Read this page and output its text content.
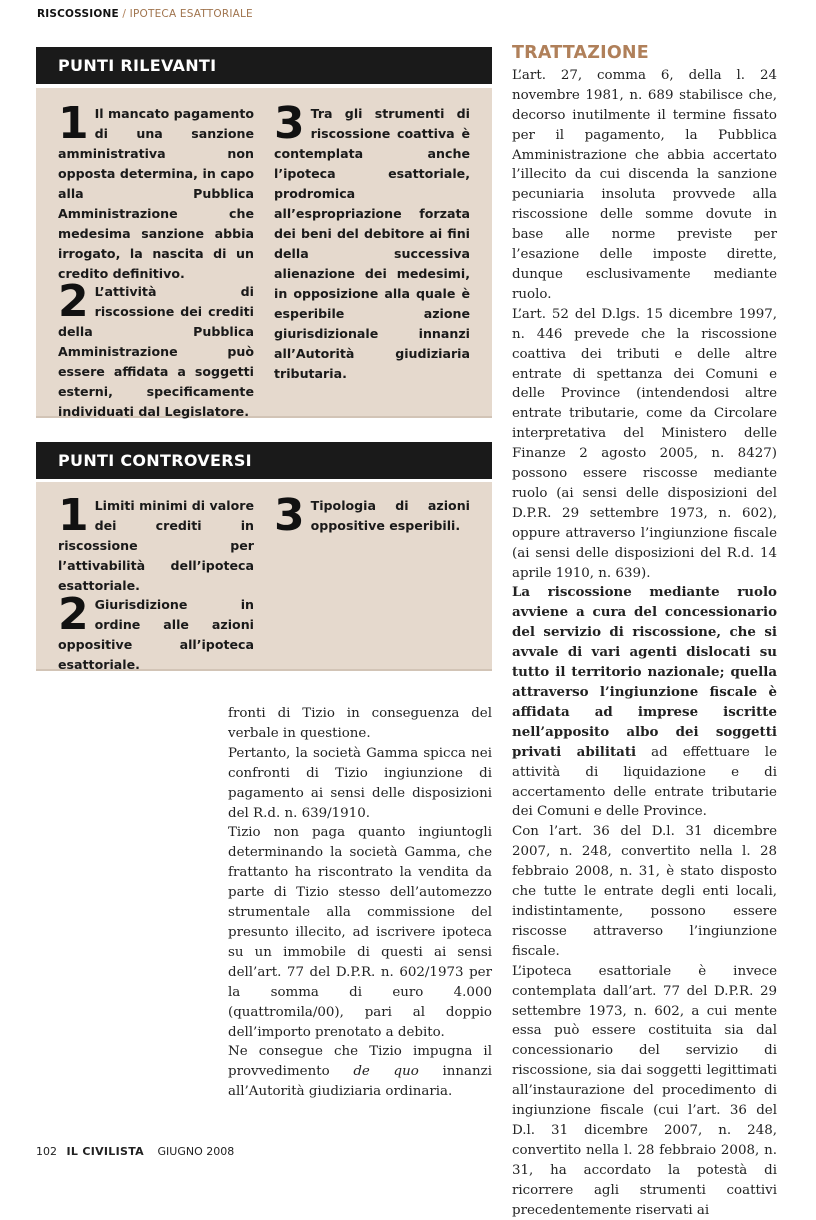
RISCOSSIONE / IPOTECA ESATTORIALE
PUNTI RILEVANTI
1 Il mancato pagamento di una sanzione amministrativa non opposta determina, in capo alla Pubblica Amministrazione che medesima sanzione abbia irrogato, la nascita di un credito definitivo.
2 L’attività di riscossione dei crediti della Pubblica Amministrazione può essere affidata a soggetti esterni, specificamente individuati dal Legislatore.
3 Tra gli strumenti di riscossione coattiva è contemplata anche l’ipoteca esattoriale, prodromica all’espropriazione forzata dei beni del debitore ai fini della successiva alienazione dei medesimi, in opposizione alla quale è esperibile azione giurisdizionale innanzi all’Autorità giudiziaria tributaria.
PUNTI CONTROVERSI
1 Limiti minimi di valore dei crediti in riscossione per l’attivabilità dell’ipoteca esattoriale.
2 Giurisdizione in ordine alle azioni oppositive all’ipoteca esattoriale.
3 Tipologia di azioni oppositive esperibili.

fronti di Tizio in conseguenza del verbale in questione.

Pertanto, la società Gamma spicca nei confronti di Tizio ingiunzione di pagamento ai sensi delle disposizioni del R.d. n. 639/1910.

Tizio non paga quanto ingiuntogli determinando la società Gamma, che frattanto ha riscontrato la vendita da parte di Tizio stesso dell’automezzo strumentale alla commissione del presunto illecito, ad iscrivere ipoteca su un immobile di questi ai sensi dell’art. 77 del D.P.R. n. 602/1973 per la somma di euro 4.000 (quattromila/00), pari al doppio dell’importo prenotato a debito.

Ne consegue che Tizio impugna il provvedimento de quo innanzi all’Autorità giudiziaria ordinaria.

TRATTAZIONE

L’art. 27, comma 6, della l. 24 novembre 1981, n. 689 stabilisce che, decorso inutilmente il termine fissato per il pagamento, la Pubblica Amministrazione che abbia accertato l’illecito da cui discenda la sanzione pecuniaria insoluta provvede alla riscossione delle somme dovute in base alle norme previste per l’esazione delle imposte dirette, dunque esclusivamente mediante ruolo.

L’art. 52 del D.lgs. 15 dicembre 1997, n. 446 prevede che la riscossione coattiva dei tributi e delle altre entrate di spettanza dei Comuni e delle Province (intendendosi altre entrate tributarie, come da Circolare interpretativa del Ministero delle Finanze 2 agosto 2005, n. 8427) possono essere riscosse mediante ruolo (ai sensi delle disposizioni del D.P.R. 29 settembre 1973, n. 602), oppure attraverso l’ingiunzione fiscale (ai sensi delle disposizioni del R.d. 14 aprile 1910, n. 639).

La riscossione mediante ruolo avviene a cura del concessionario del servizio di riscossione, che si avvale di vari agenti dislocati su tutto il territorio nazionale; quella attraverso l’ingiunzione fiscale è affidata ad imprese iscritte nell’apposito albo dei soggetti privati abilitati ad effettuare le attività di liquidazione e di accertamento delle entrate tributarie dei Comuni e delle Province.

Con l’art. 36 del D.l. 31 dicembre 2007, n. 248, convertito nella l. 28 febbraio 2008, n. 31, è stato disposto che tutte le entrate degli enti locali, indistintamente, possono essere riscosse attraverso l’ingiunzione fiscale.

L’ipoteca esattoriale è invece contemplata dall’art. 77 del D.P.R. 29 settembre 1973, n. 602, a cui mente essa può essere costituita sia dal concessionario del servizio di riscossione, sia dai soggetti legittimati all’instaurazione del procedimento di ingiunzione fiscale (cui l’art. 36 del D.l. 31 dicembre 2007, n. 248, convertito nella l. 28 febbraio 2008, n. 31, ha accordato la potestà di ricorrere agli strumenti coattivi precedentemente riservati ai

102 IL CIVILISTA GIUGNO 2008
